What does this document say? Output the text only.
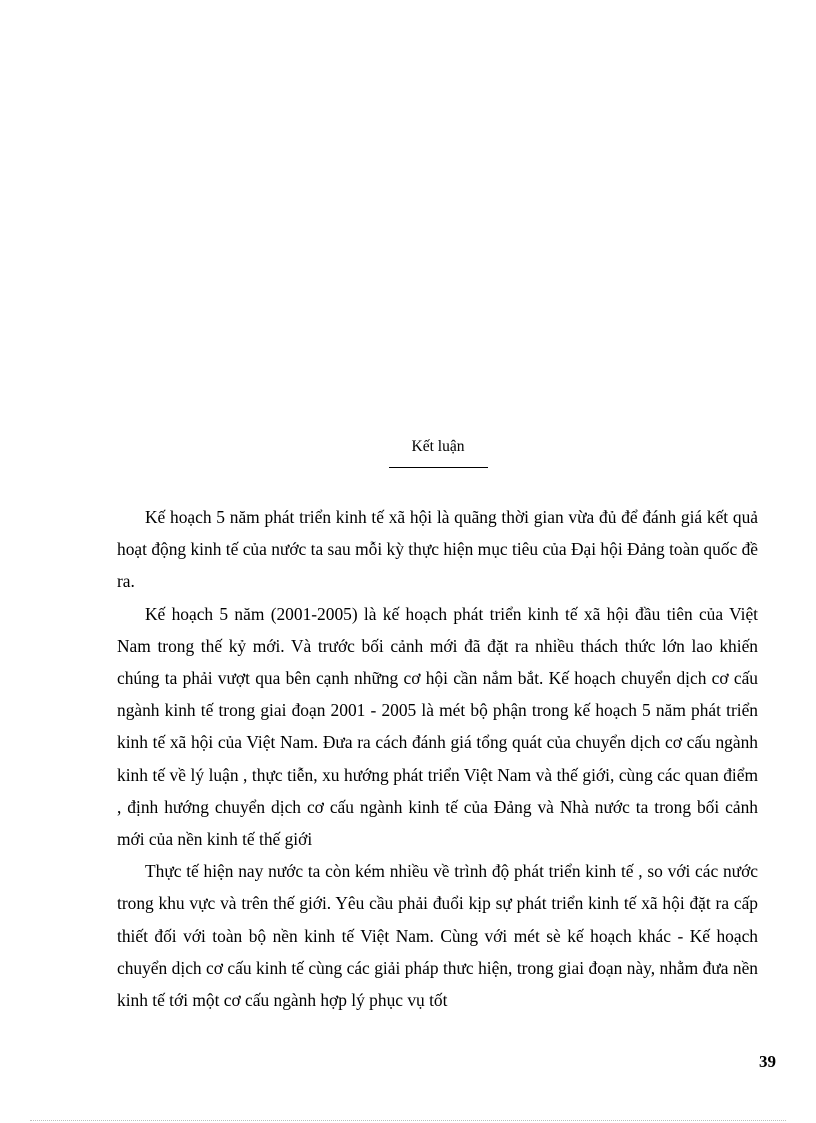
Kết luận

Kế hoạch 5 năm phát triển kinh tế xã hội là quãng thời gian vừa đủ để đánh giá kết quả hoạt động kinh tế của nước ta sau mỗi kỳ thực hiện mục tiêu của Đại hội Đảng toàn quốc đề ra.

Kế hoạch 5 năm (2001-2005) là kế hoạch phát triển kinh tế xã hội đầu tiên của Việt Nam trong thế kỷ mới. Và trước bối cảnh mới đã đặt ra nhiều thách thức lớn lao khiến chúng ta phải vượt qua bên cạnh những cơ hội cần nắm bắt. Kế hoạch chuyển dịch cơ cấu ngành kinh tế trong giai đoạn 2001 - 2005 là mét bộ phận trong kế hoạch 5 năm phát triển kinh tế xã hội của Việt Nam. Đưa ra cách đánh giá tổng quát của chuyển dịch cơ cấu ngành kinh tế về lý luận , thực tiễn, xu hướng phát triển Việt Nam và thế giới, cùng các quan điểm , định hướng chuyển dịch cơ cấu ngành kinh tế của Đảng và Nhà nước ta trong bối cảnh mới của nền kinh tế thế giới

Thực tế hiện nay nước ta còn kém nhiều về trình độ phát triển kinh tế , so với các nước trong khu vực và trên thế giới. Yêu cầu phải đuổi kịp sự phát triển kinh tế xã hội đặt ra cấp thiết đối với toàn bộ nền kinh tế Việt Nam. Cùng với mét sè kế hoạch khác - Kế hoạch chuyển dịch cơ cấu kinh tế cùng các giải pháp thưc hiện, trong giai đoạn này, nhằm đưa nền kinh tế tới một cơ cấu ngành hợp lý phục vụ tốt

39
